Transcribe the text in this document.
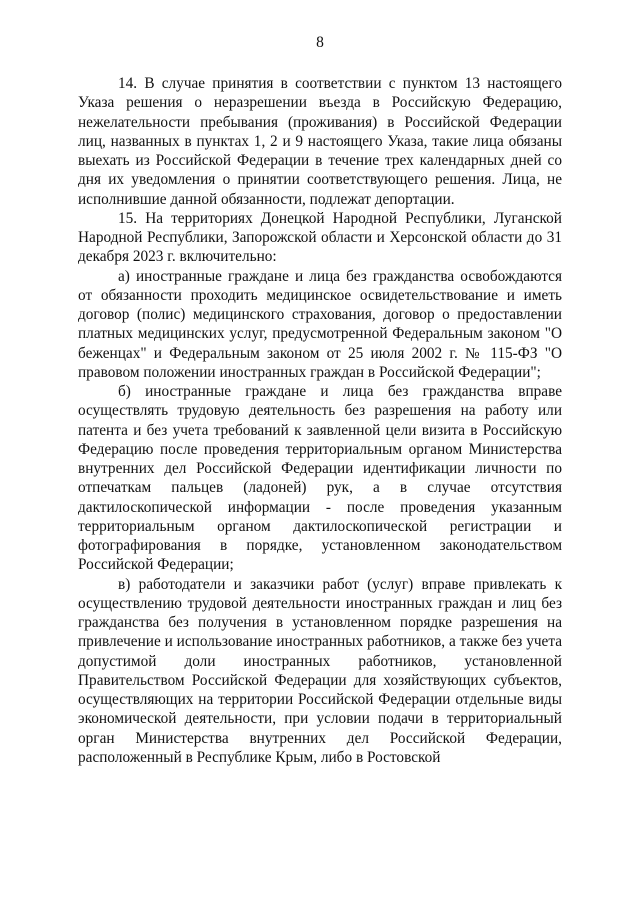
8

14. В случае принятия в соответствии с пунктом 13 настоящего Указа решения о неразрешении въезда в Российскую Федерацию, нежелательности пребывания (проживания) в Российской Федерации лиц, названных в пунктах 1, 2 и 9 настоящего Указа, такие лица обязаны выехать из Российской Федерации в течение трех календарных дней со дня их уведомления о принятии соответствующего решения. Лица, не исполнившие данной обязанности, подлежат депортации.

15. На территориях Донецкой Народной Республики, Луганской Народной Республики, Запорожской области и Херсонской области до 31 декабря 2023 г. включительно:

а) иностранные граждане и лица без гражданства освобождаются от обязанности проходить медицинское освидетельствование и иметь договор (полис) медицинского страхования, договор о предоставлении платных медицинских услуг, предусмотренной Федеральным законом "О беженцах" и Федеральным законом от 25 июля 2002 г. № 115-ФЗ "О правовом положении иностранных граждан в Российской Федерации";

б) иностранные граждане и лица без гражданства вправе осуществлять трудовую деятельность без разрешения на работу или патента и без учета требований к заявленной цели визита в Российскую Федерацию после проведения территориальным органом Министерства внутренних дел Российской Федерации идентификации личности по отпечаткам пальцев (ладоней) рук, а в случае отсутствия дактилоскопической информации - после проведения указанным территориальным органом дактилоскопической регистрации и фотографирования в порядке, установленном законодательством Российской Федерации;

в) работодатели и заказчики работ (услуг) вправе привлекать к осуществлению трудовой деятельности иностранных граждан и лиц без гражданства без получения в установленном порядке разрешения на привлечение и использование иностранных работников, а также без учета допустимой доли иностранных работников, установленной Правительством Российской Федерации для хозяйствующих субъектов, осуществляющих на территории Российской Федерации отдельные виды экономической деятельности, при условии подачи в территориальный орган Министерства внутренних дел Российской Федерации, расположенный в Республике Крым, либо в Ростовской
